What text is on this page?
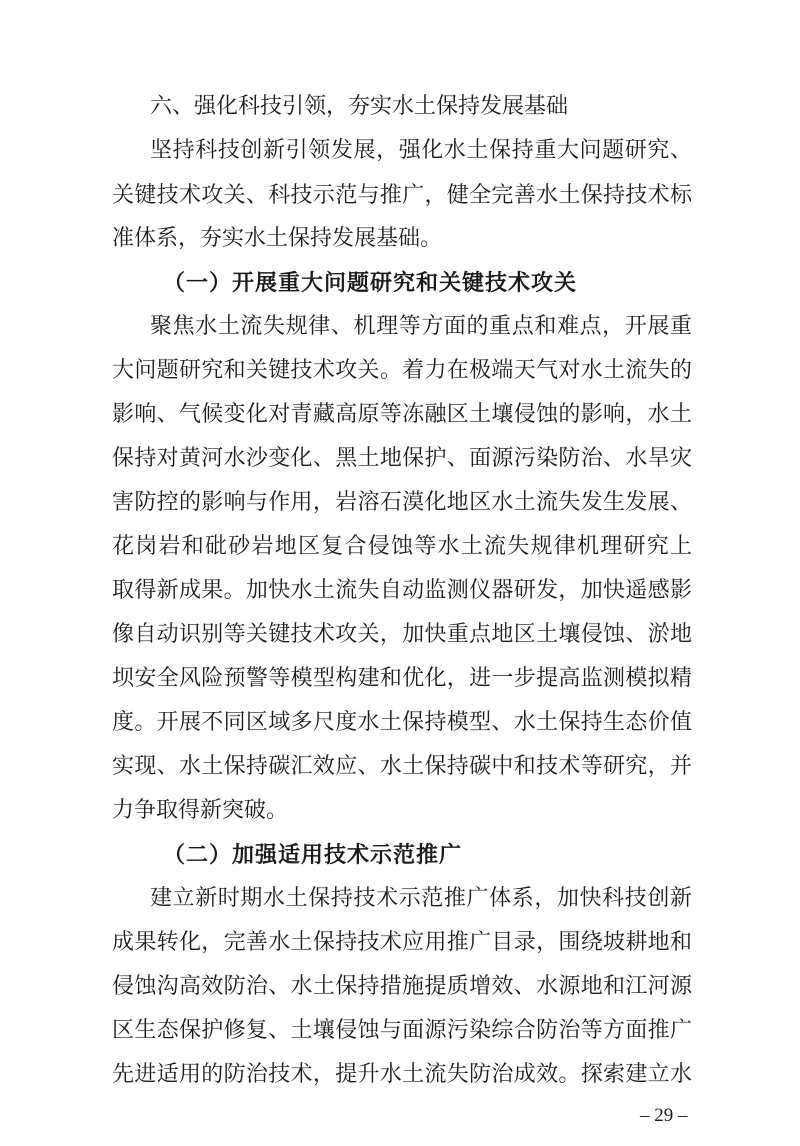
六、强化科技引领，夯实水土保持发展基础
坚持科技创新引领发展，强化水土保持重大问题研究、
关键技术攻关、科技示范与推广，健全完善水土保持技术标
准体系，夯实水土保持发展基础。
（一）开展重大问题研究和关键技术攻关
聚焦水土流失规律、机理等方面的重点和难点，开展重
大问题研究和关键技术攻关。着力在极端天气对水土流失的
影响、气候变化对青藏高原等冻融区土壤侵蚀的影响，水土
保持对黄河水沙变化、黑土地保护、面源污染防治、水旱灾
害防控的影响与作用，岩溶石漠化地区水土流失发生发展、
花岗岩和砒砂岩地区复合侵蚀等水土流失规律机理研究上
取得新成果。加快水土流失自动监测仪器研发，加快遥感影
像自动识别等关键技术攻关，加快重点地区土壤侵蚀、淤地
坝安全风险预警等模型构建和优化，进一步提高监测模拟精
度。开展不同区域多尺度水土保持模型、水土保持生态价值
实现、水土保持碳汇效应、水土保持碳中和技术等研究，并
力争取得新突破。
（二）加强适用技术示范推广
建立新时期水土保持技术示范推广体系，加快科技创新
成果转化，完善水土保持技术应用推广目录，围绕坡耕地和
侵蚀沟高效防治、水土保持措施提质增效、水源地和江河源
区生态保护修复、土壤侵蚀与面源污染综合防治等方面推广
先进适用的防治技术，提升水土流失防治成效。探索建立水
– 29 –
